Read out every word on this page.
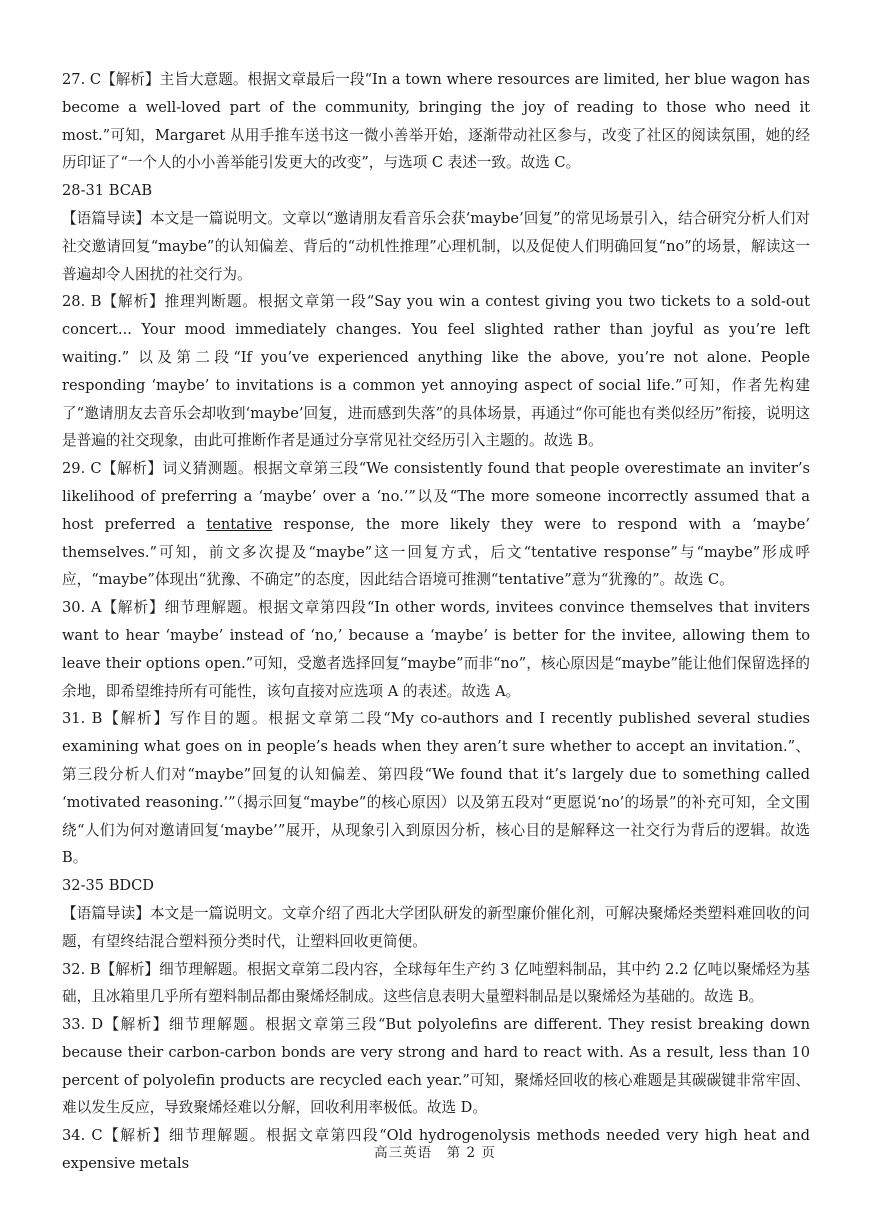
27. C【解析】主旨大意题。根据文章最后一段“In a town where resources are limited, her blue wagon has become a well-loved part of the community, bringing the joy of reading to those who need it most.”可知，Margaret 从用手推车送书这一微小善举开始，逐渐带动社区参与，改变了社区的阅读氛围，她的经历印证了“一个人的小小善举能引发更大的改变”，与选项 C 表述一致。故选 C。

28-31 BCAB

【语篇导读】本文是一篇说明文。文章以“邀请朋友看音乐会获‘maybe’回复”的常见场景引入，结合研究分析人们对社交邀请回复“maybe”的认知偏差、背后的“动机性推理”心理机制，以及促使人们明确回复“no”的场景，解读这一普遍却令人困扰的社交行为。

28. B【解析】推理判断题。根据文章第一段“Say you win a contest giving you two tickets to a sold-out concert... Your mood immediately changes. You feel slighted rather than joyful as you’re left waiting.” 以及第二段“If you’ve experienced anything like the above, you’re not alone. People responding ‘maybe’ to invitations is a common yet annoying aspect of social life.”可知，作者先构建了“邀请朋友去音乐会却收到‘maybe’回复，进而感到失落”的具体场景，再通过“你可能也有类似经历”衔接，说明这是普遍的社交现象，由此可推断作者是通过分享常见社交经历引入主题的。故选 B。

29. C【解析】词义猜测题。根据文章第三段“We consistently found that people overestimate an inviter’s likelihood of preferring a ‘maybe’ over a ‘no.’”以及“The more someone incorrectly assumed that a host preferred a tentative response, the more likely they were to respond with a ‘maybe’ themselves.”可知，前文多次提及“maybe”这一回复方式，后文“tentative response”与“maybe”形成呼应，“maybe”体现出“犹豫、不确定”的态度，因此结合语境可推测“tentative”意为“犹豫的”。故选 C。

30. A【解析】细节理解题。根据文章第四段“In other words, invitees convince themselves that inviters want to hear ‘maybe’ instead of ‘no,’ because a ‘maybe’ is better for the invitee, allowing them to leave their options open.”可知，受邀者选择回复“maybe”而非“no”，核心原因是“maybe”能让他们保留选择的余地，即希望维持所有可能性，该句直接对应选项 A 的表述。故选 A。

31. B【解析】写作目的题。根据文章第二段“My co-authors and I recently published several studies examining what goes on in people’s heads when they aren’t sure whether to accept an invitation.”、第三段分析人们对“maybe”回复的认知偏差、第四段“We found that it’s largely due to something called ‘motivated reasoning.’”（揭示回复“maybe”的核心原因）以及第五段对“更愿说‘no’的场景”的补充可知，全文围绕“人们为何对邀请回复‘maybe’”展开，从现象引入到原因分析，核心目的是解释这一社交行为背后的逻辑。故选 B。

32-35 BDCD

【语篇导读】本文是一篇说明文。文章介绍了西北大学团队研发的新型廉价催化剂，可解决聚烯烃类塑料难回收的问题，有望终结混合塑料预分类时代，让塑料回收更简便。

32. B【解析】细节理解题。根据文章第二段内容，全球每年生产约 3 亿吨塑料制品，其中约 2.2 亿吨以聚烯烃为基础，且冰箱里几乎所有塑料制品都由聚烯烃制成。这些信息表明大量塑料制品是以聚烯烃为基础的。故选 B。

33. D【解析】细节理解题。根据文章第三段“But polyolefins are different. They resist breaking down because their carbon-carbon bonds are very strong and hard to react with. As a result, less than 10 percent of polyolefin products are recycled each year.”可知，聚烯烃回收的核心难题是其碳碳键非常牢固、难以发生反应，导致聚烯烃难以分解，回收利用率极低。故选 D。

34. C【解析】细节理解题。根据文章第四段“Old hydrogenolysis methods needed very high heat and expensive metals

高三英语　第 2 页
